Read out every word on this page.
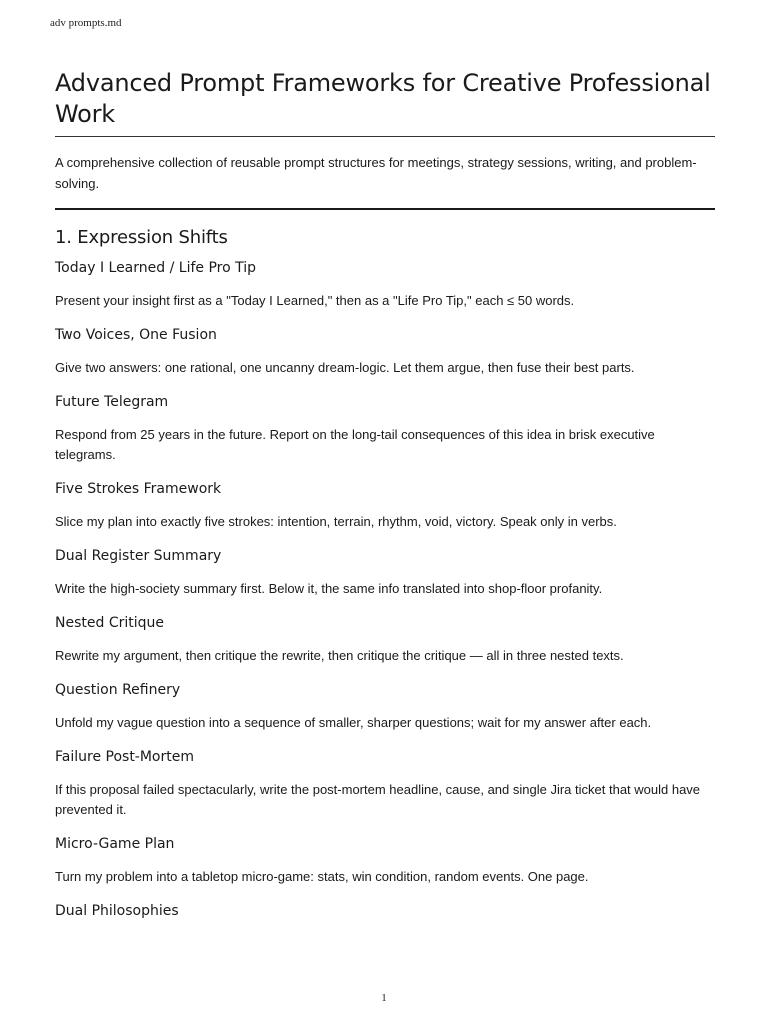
adv prompts.md
Advanced Prompt Frameworks for Creative Professional Work

A comprehensive collection of reusable prompt structures for meetings, strategy sessions, writing, and problem-solving.

1. Expression Shifts
Today I Learned / Life Pro Tip

Present your insight first as a "Today I Learned," then as a "Life Pro Tip," each ≤ 50 words.

Two Voices, One Fusion

Give two answers: one rational, one uncanny dream-logic. Let them argue, then fuse their best parts.

Future Telegram

Respond from 25 years in the future. Report on the long-tail consequences of this idea in brisk executive telegrams.

Five Strokes Framework

Slice my plan into exactly five strokes: intention, terrain, rhythm, void, victory. Speak only in verbs.

Dual Register Summary

Write the high-society summary first. Below it, the same info translated into shop-floor profanity.

Nested Critique

Rewrite my argument, then critique the rewrite, then critique the critique — all in three nested texts.

Question Refinery

Unfold my vague question into a sequence of smaller, sharper questions; wait for my answer after each.

Failure Post-Mortem

If this proposal failed spectacularly, write the post-mortem headline, cause, and single Jira ticket that would have prevented it.

Micro-Game Plan

Turn my problem into a tabletop micro-game: stats, win condition, random events. One page.

Dual Philosophies
1
